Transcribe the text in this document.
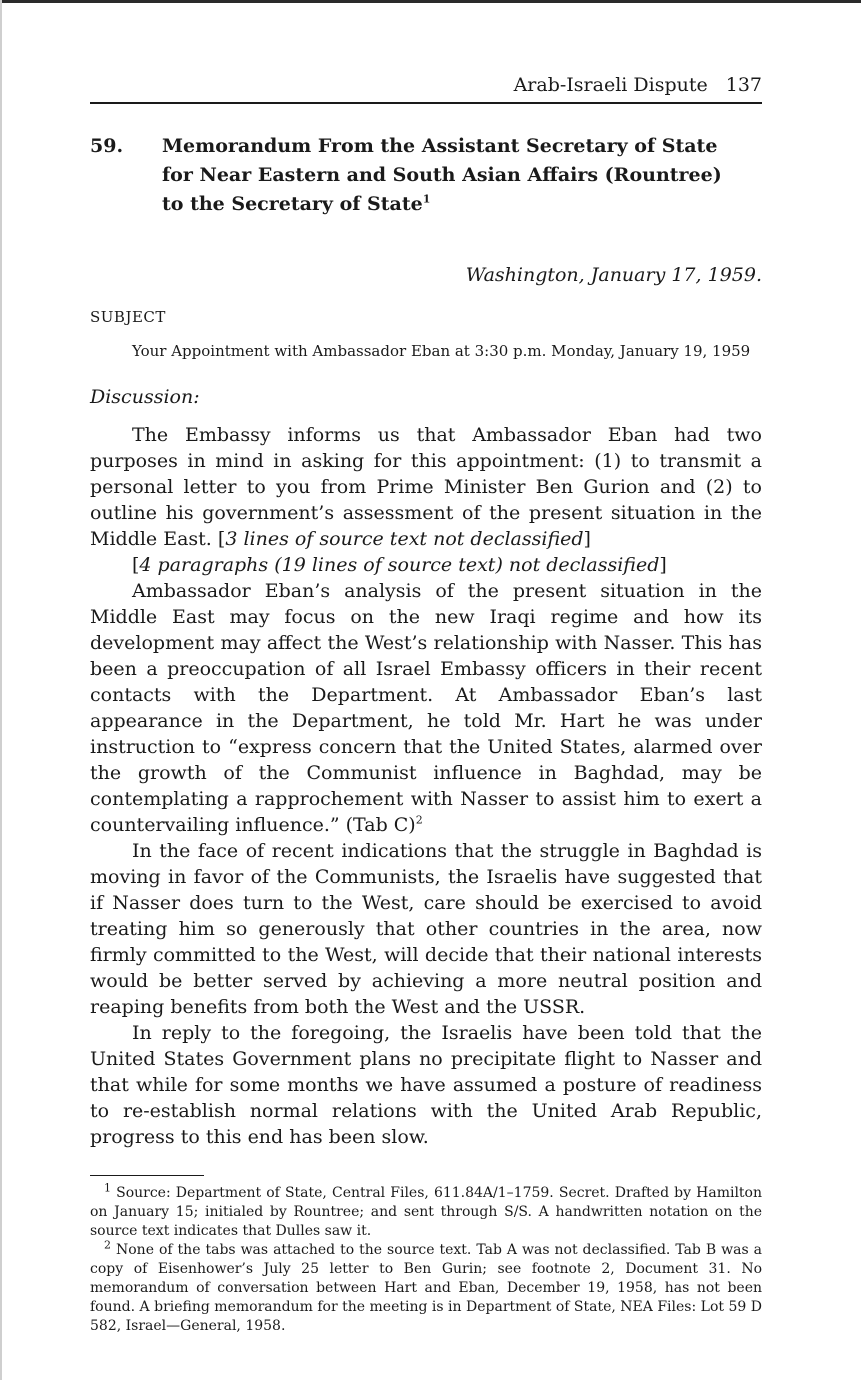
Arab-Israeli Dispute 137
59.	Memorandum From the Assistant Secretary of State for Near Eastern and South Asian Affairs (Rountree) to the Secretary of State$^1$
Washington, January 17, 1959.
SUBJECT
Your Appointment with Ambassador Eban at 3:30 p.m. Monday, January 19, 1959
Discussion:

The Embassy informs us that Ambassador Eban had two purposes in mind in asking for this appointment: (1) to transmit a personal letter to you from Prime Minister Ben Gurion and (2) to outline his government’s assessment of the present situation in the Middle East. [3 lines of source text not declassified]

[4 paragraphs (19 lines of source text) not declassified]

Ambassador Eban’s analysis of the present situation in the Middle East may focus on the new Iraqi regime and how its development may affect the West’s relationship with Nasser. This has been a preoccupation of all Israel Embassy officers in their recent contacts with the Department. At Ambassador Eban’s last appearance in the Department, he told Mr. Hart he was under instruction to “express concern that the United States, alarmed over the growth of the Communist influence in Baghdad, may be contemplating a rapprochement with Nasser to assist him to exert a countervailing influence.” (Tab C)$^2$

In the face of recent indications that the struggle in Baghdad is moving in favor of the Communists, the Israelis have suggested that if Nasser does turn to the West, care should be exercised to avoid treating him so generously that other countries in the area, now firmly committed to the West, will decide that their national interests would be better served by achieving a more neutral position and reaping benefits from both the West and the USSR.

In reply to the foregoing, the Israelis have been told that the United States Government plans no precipitate flight to Nasser and that while for some months we have assumed a posture of readiness to re-establish normal relations with the United Arab Republic, progress to this end has been slow.

$^1$ Source: Department of State, Central Files, 611.84A/1–1759. Secret. Drafted by Hamilton on January 15; initialed by Rountree; and sent through S/S. A handwritten notation on the source text indicates that Dulles saw it.

$^2$ None of the tabs was attached to the source text. Tab A was not declassified. Tab B was a copy of Eisenhower’s July 25 letter to Ben Gurin; see footnote 2, Document 31. No memorandum of conversation between Hart and Eban, December 19, 1958, has not been found. A briefing memorandum for the meeting is in Department of State, NEA Files: Lot 59 D 582, Israel—General, 1958.
